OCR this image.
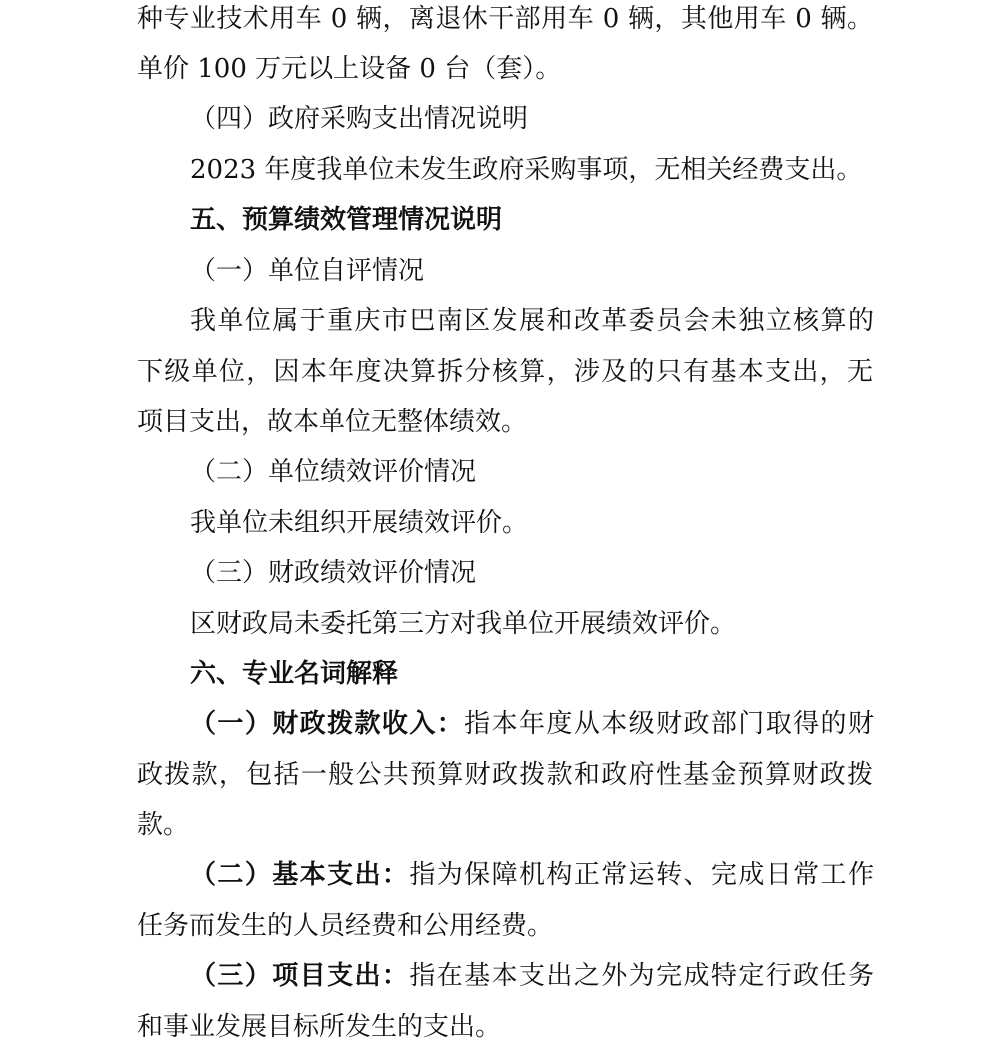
种专业技术用车 0 辆，离退休干部用车 0 辆，其他用车 0 辆。
单价 100 万元以上设备 0 台（套）。
（四）政府采购支出情况说明
2023 年度我单位未发生政府采购事项，无相关经费支出。
五、预算绩效管理情况说明
（一）单位自评情况
我单位属于重庆市巴南区发展和改革委员会未独立核算的
下级单位，因本年度决算拆分核算，涉及的只有基本支出，无
项目支出，故本单位无整体绩效。
（二）单位绩效评价情况
我单位未组织开展绩效评价。
（三）财政绩效评价情况
区财政局未委托第三方对我单位开展绩效评价。
六、专业名词解释
（一）财政拨款收入：指本年度从本级财政部门取得的财
政拨款，包括一般公共预算财政拨款和政府性基金预算财政拨
款。
（二）基本支出：指为保障机构正常运转、完成日常工作
任务而发生的人员经费和公用经费。
（三）项目支出：指在基本支出之外为完成特定行政任务
和事业发展目标所发生的支出。
